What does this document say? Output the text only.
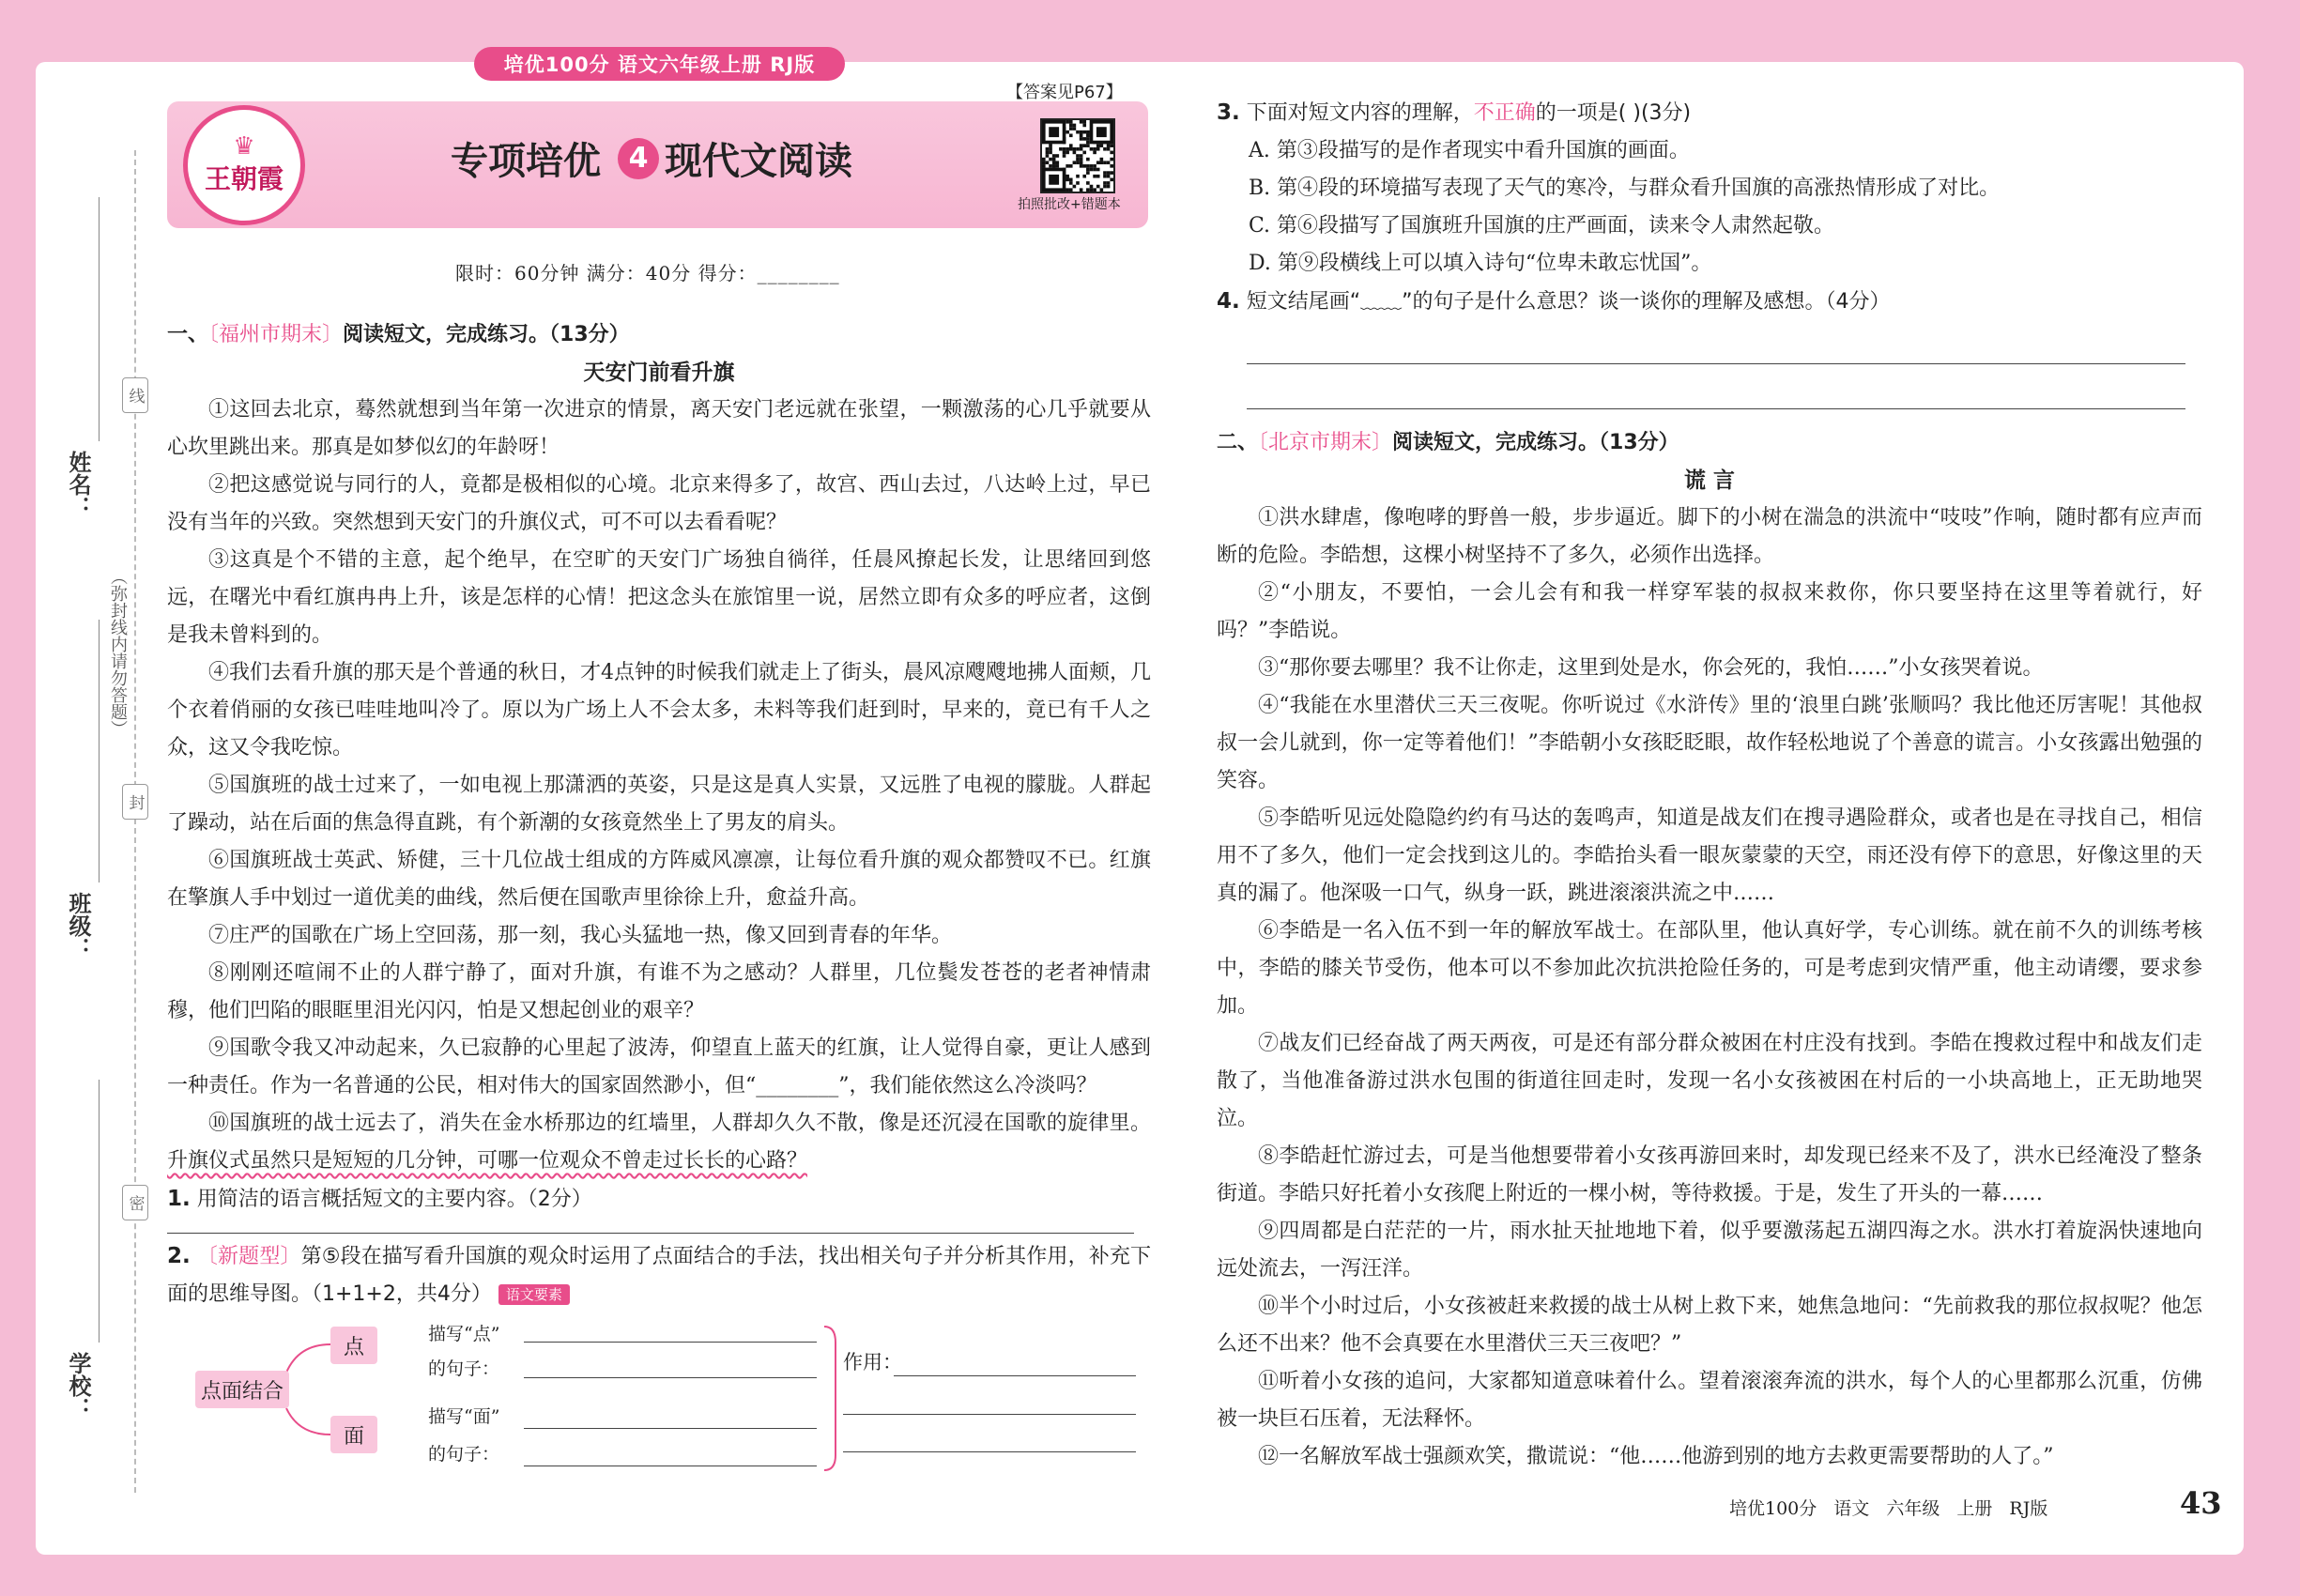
培优100分 语文六年级上册 RJ版
姓名：
班级：
学校：
（弥封线内请勿答题）
线
封
密
♛
王朝霞	专项培优 4 现代文阅读
【答案见P67】
拍照批改+错题本
限时：60分钟 满分：40分 得分：________

一、〔福州市期末〕阅读短文，完成练习。（13分）

天安门前看升旗

①这回去北京，蓦然就想到当年第一次进京的情景，离天安门老远就在张望，一颗激荡的心几乎就要从心坎里跳出来。那真是如梦似幻的年龄呀！

②把这感觉说与同行的人，竟都是极相似的心境。北京来得多了，故宫、西山去过，八达岭上过，早已没有当年的兴致。突然想到天安门的升旗仪式，可不可以去看看呢？

③这真是个不错的主意，起个绝早，在空旷的天安门广场独自徜徉，任晨风撩起长发，让思绪回到悠远，在曙光中看红旗冉冉上升，该是怎样的心情！把这念头在旅馆里一说，居然立即有众多的呼应者，这倒是我未曾料到的。

④我们去看升旗的那天是个普通的秋日，才4点钟的时候我们就走上了街头，晨风凉飕飕地拂人面颊，几个衣着俏丽的女孩已哇哇地叫冷了。原以为广场上人不会太多，未料等我们赶到时，早来的，竟已有千人之众，这又令我吃惊。

⑤国旗班的战士过来了，一如电视上那潇洒的英姿，只是这是真人实景，又远胜了电视的朦胧。人群起了躁动，站在后面的焦急得直跳，有个新潮的女孩竟然坐上了男友的肩头。

⑥国旗班战士英武、矫健，三十几位战士组成的方阵威风凛凛，让每位看升旗的观众都赞叹不已。红旗在擎旗人手中划过一道优美的曲线，然后便在国歌声里徐徐上升，愈益升高。

⑦庄严的国歌在广场上空回荡，那一刻，我心头猛地一热，像又回到青春的年华。

⑧刚刚还喧闹不止的人群宁静了，面对升旗，有谁不为之感动？人群里，几位鬓发苍苍的老者神情肃穆，他们凹陷的眼眶里泪光闪闪，怕是又想起创业的艰辛？

⑨国歌令我又冲动起来，久已寂静的心里起了波涛，仰望直上蓝天的红旗，让人觉得自豪，更让人感到一种责任。作为一名普通的公民，相对伟大的国家固然渺小，但“________”，我们能依然这么冷淡吗？

⑩国旗班的战士远去了，消失在金水桥那边的红墙里，人群却久久不散，像是还沉浸在国歌的旋律里。升旗仪式虽然只是短短的几分钟，可哪一位观众不曾走过长长的心路？

1. 用简洁的语言概括短文的主要内容。（2分）

2. 〔新题型〕第⑤段在描写看升国旗的观众时运用了点面结合的手法，找出相关句子并分析其作用，补充下面的思维导图。（1+1+2，共4分） 语文要素

点面结合
点
面
描写“点”
的句子：
描写“面”
的句子：
作用：

3. 下面对短文内容的理解，不正确的一项是( )(3分)

A. 第③段描写的是作者现实中看升国旗的画面。

B. 第④段的环境描写表现了天气的寒冷，与群众看升国旗的高涨热情形成了对比。

C. 第⑥段描写了国旗班升国旗的庄严画面，读来令人肃然起敬。

D. 第⑨段横线上可以填入诗句“位卑未敢忘忧国”。

4. 短文结尾画“﹏﹏”的句子是什么意思？谈一谈你的理解及感想。（4分）

二、〔北京市期末〕阅读短文，完成练习。（13分）

谎 言

①洪水肆虐，像咆哮的野兽一般，步步逼近。脚下的小树在湍急的洪流中“吱吱”作响，随时都有应声而断的危险。李皓想，这棵小树坚持不了多久，必须作出选择。

②“小朋友，不要怕，一会儿会有和我一样穿军装的叔叔来救你，你只要坚持在这里等着就行，好吗？”李皓说。

③“那你要去哪里？我不让你走，这里到处是水，你会死的，我怕……”小女孩哭着说。

④“我能在水里潜伏三天三夜呢。你听说过《水浒传》里的‘浪里白跳’张顺吗？我比他还厉害呢！其他叔叔一会儿就到，你一定等着他们！”李皓朝小女孩眨眨眼，故作轻松地说了个善意的谎言。小女孩露出勉强的笑容。

⑤李皓听见远处隐隐约约有马达的轰鸣声，知道是战友们在搜寻遇险群众，或者也是在寻找自己，相信用不了多久，他们一定会找到这儿的。李皓抬头看一眼灰蒙蒙的天空，雨还没有停下的意思，好像这里的天真的漏了。他深吸一口气，纵身一跃，跳进滚滚洪流之中……

⑥李皓是一名入伍不到一年的解放军战士。在部队里，他认真好学，专心训练。就在前不久的训练考核中，李皓的膝关节受伤，他本可以不参加此次抗洪抢险任务的，可是考虑到灾情严重，他主动请缨，要求参加。

⑦战友们已经奋战了两天两夜，可是还有部分群众被困在村庄没有找到。李皓在搜救过程中和战友们走散了，当他准备游过洪水包围的街道往回走时，发现一名小女孩被困在村后的一小块高地上，正无助地哭泣。

⑧李皓赶忙游过去，可是当他想要带着小女孩再游回来时，却发现已经来不及了，洪水已经淹没了整条街道。李皓只好托着小女孩爬上附近的一棵小树，等待救援。于是，发生了开头的一幕……

⑨四周都是白茫茫的一片，雨水扯天扯地地下着，似乎要激荡起五湖四海之水。洪水打着旋涡快速地向远处流去，一泻汪洋。

⑩半个小时过后，小女孩被赶来救援的战士从树上救下来，她焦急地问：“先前救我的那位叔叔呢？他怎么还不出来？他不会真要在水里潜伏三天三夜吧？”

⑪听着小女孩的追问，大家都知道意味着什么。望着滚滚奔流的洪水，每个人的心里都那么沉重，仿佛被一块巨石压着，无法释怀。

⑫一名解放军战士强颜欢笑，撒谎说：“他……他游到别的地方去救更需要帮助的人了。”

培优100分 语文 六年级 上册 RJ版	43
